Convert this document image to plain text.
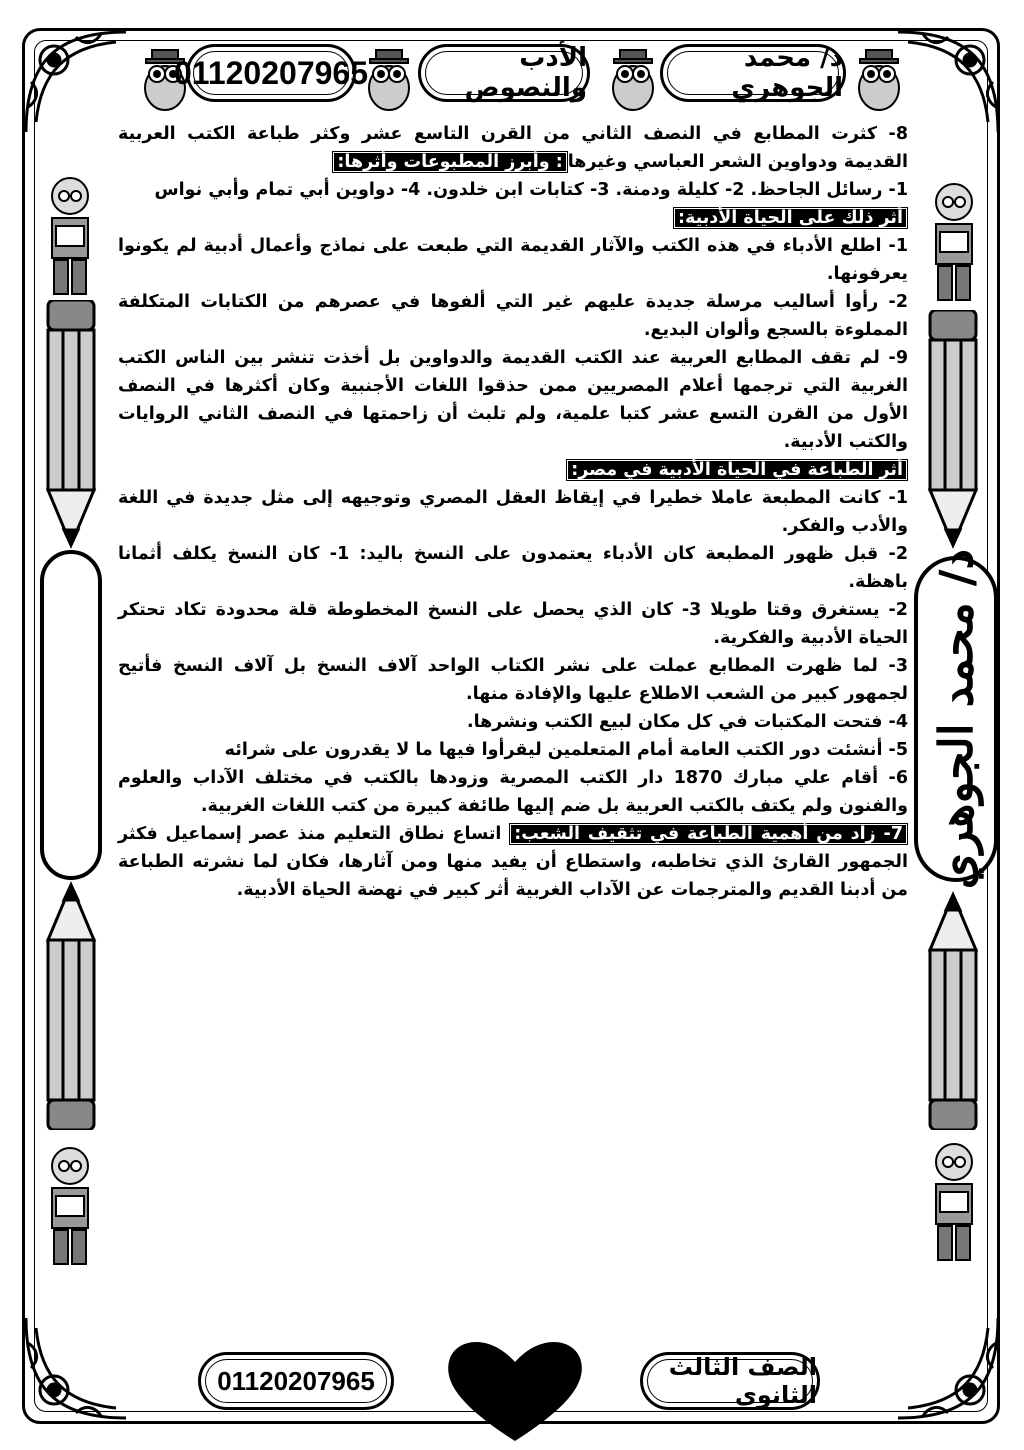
01120207965	الأدب والنصوص
د/ محمد الجوهري
د/ محمد الجوهري

8- كثرت المطابع في النصف الثاني من القرن التاسع عشر وكثر طباعة الكتب العربية القديمة ودواوين الشعر العباسي وغيرها: وأبرز المطبوعات وأثرها:

1- رسائل الجاحظ. 2- كليلة ودمنة. 3- كتابات ابن خلدون. 4- دواوين أبي تمام وأبي نواس

أثر ذلك على الحياة الأدبية:

1- اطلع الأدباء في هذه الكتب والآثار القديمة التي طبعت على نماذج وأعمال أدبية لم يكونوا يعرفونها.

2- رأوا أساليب مرسلة جديدة عليهم غير التي ألفوها في عصرهم من الكتابات المتكلفة المملوءة بالسجع وألوان البديع.

9- لم تقف المطابع العربية عند الكتب القديمة والدواوين بل أخذت تنشر بين الناس الكتب الغربية التي ترجمها أعلام المصريين ممن حذقوا اللغات الأجنبية وكان أكثرها في النصف الأول من القرن التسع عشر كتبا علمية، ولم تلبث أن زاحمتها في النصف الثاني الروايات والكتب الأدبية.

أثر الطباعة في الحياة الأدبية في مصر:

1- كانت المطبعة عاملا خطيرا في إيقاظ العقل المصري وتوجيهه إلى مثل جديدة في اللغة والأدب والفكر.

2- قبل ظهور المطبعة كان الأدباء يعتمدون على النسخ باليد: 1- كان النسخ يكلف أثمانا باهظة.

2- يستغرق وقتا طويلا 3- كان الذي يحصل على النسخ المخطوطة قلة محدودة تكاد تحتكر الحياة الأدبية والفكرية.

3- لما ظهرت المطابع عملت على نشر الكتاب الواحد آلاف النسخ بل آلاف النسخ فأتيح لجمهور كبير من الشعب الاطلاع عليها والإفادة منها.

4- فتحت المكتبات في كل مكان لبيع الكتب ونشرها.

5- أنشئت دور الكتب العامة أمام المتعلمين ليقرأوا فيها ما لا يقدرون على شرائه

6- أقام علي مبارك 1870 دار الكتب المصرية وزودها بالكتب في مختلف الآداب والعلوم والفنون ولم يكتف بالكتب العربية بل ضم إليها طائفة كبيرة من كتب اللغات الغربية.

7- زاد من أهمية الطباعة في تثقيف الشعب: اتساع نطاق التعليم منذ عصر إسماعيل فكثر الجمهور القارئ الذي تخاطبه، واستطاع أن يفيد منها ومن آثارها، فكان لما نشرته الطباعة من أدبنا القديم والمترجمات عن الآداب الغربية أثر كبير في نهضة الحياة الأدبية.

الصف الثالث الثانوي
4
01120207965
